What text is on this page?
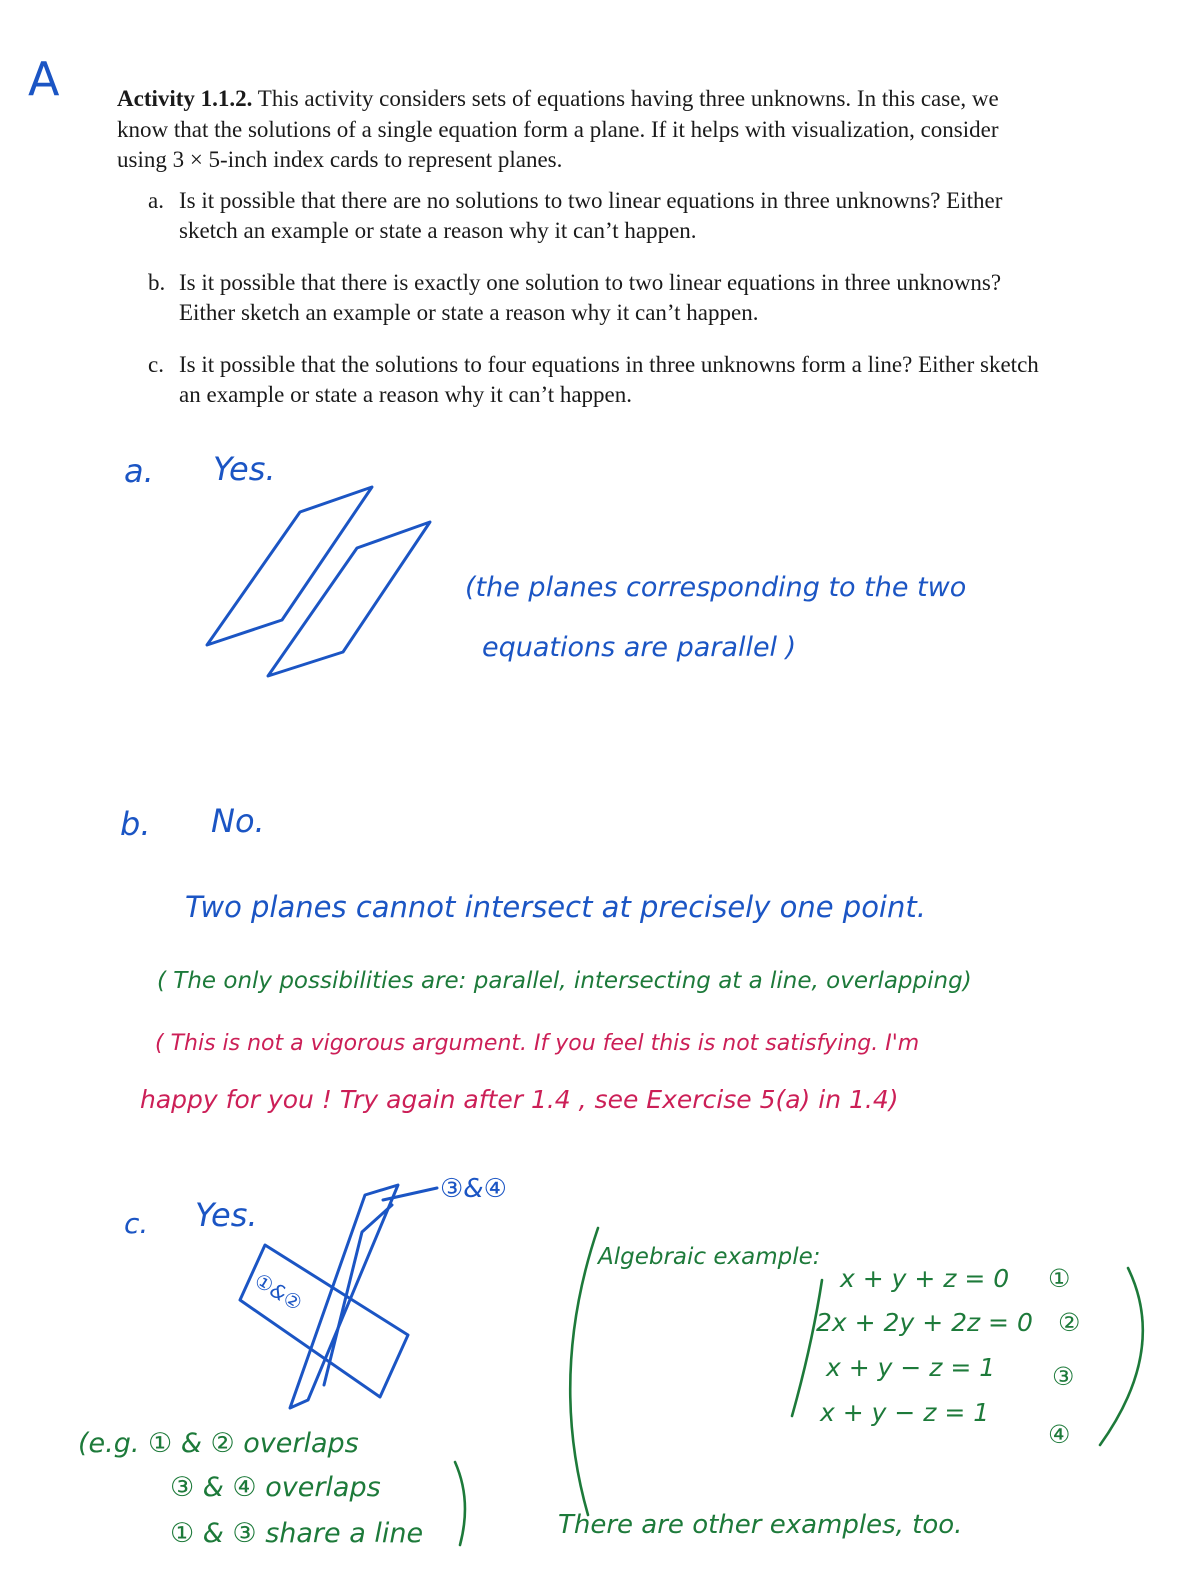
A	Activity 1.1.2. This activity considers sets of equations having three unknowns. In this case, we know that the solutions of a single equation form a plane. If it helps with visualization, consider using 3 × 5-inch index cards to represent planes.
a. Is it possible that there are no solutions to two linear equations in three unknowns? Either sketch an example or state a reason why it can’t happen.
b. Is it possible that there is exactly one solution to two linear equations in three unknowns? Either sketch an example or state a reason why it can’t happen.
c. Is it possible that the solutions to four equations in three unknowns form a line? Either sketch an example or state a reason why it can’t happen.
a. Yes.
(the planes corresponding to the two
equations are parallel )
b. No.
Two planes cannot intersect at precisely one point.
( The only possibilities are: parallel, intersecting at a line, overlapping)
( This is not a vigorous argument. If you feel this is not satisfying. I'm
happy for you ! Try again after 1.4 , see Exercise 5(a) in 1.4)
c. Yes.
③&④
①&②
(e.g. ① & ② overlaps
③ & ④ overlaps
① & ③ share a line
Algebraic example:
x + y + z = 0 ①
2x + 2y + 2z = 0 ②
x + y − z = 1 ③
x + y − z = 1
④
There are other examples, too.
